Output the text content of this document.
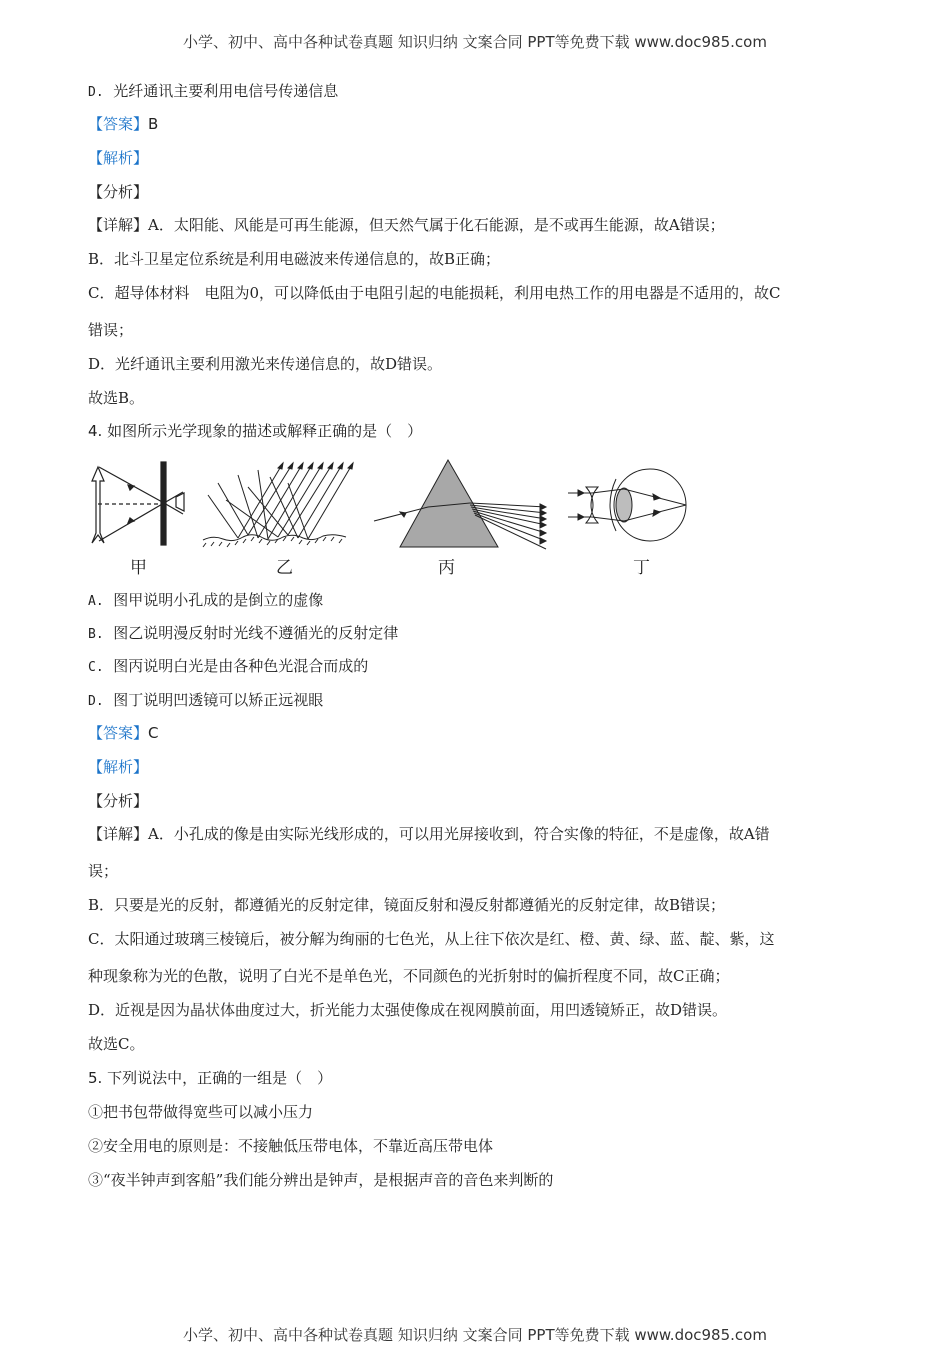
小学、初中、高中各种试卷真题 知识归纳 文案合同 PPT等免费下载 www.doc985.com
D. 光纤通讯主要利用电信号传递信息
【答案】B
【解析】
【分析】
【详解】A．太阳能、风能是可再生能源，但天然气属于化石能源，是不或再生能源，故A错误；
B．北斗卫星定位系统是利用电磁波来传递信息的，故B正确；
C．超导体材料　电阻为0，可以降低由于电阻引起的电能损耗，利用电热工作的用电器是不适用的，故C
错误；
D．光纤通讯主要利用激光来传递信息的，故D错误。
故选B。
4. 如图所示光学现象的描述或解释正确的是（　）
甲	乙	丙	丁
A. 图甲说明小孔成的是倒立的虚像
B. 图乙说明漫反射时光线不遵循光的反射定律
C. 图丙说明白光是由各种色光混合而成的
D. 图丁说明凹透镜可以矫正远视眼
【答案】C
【解析】
【分析】
【详解】A．小孔成的像是由实际光线形成的，可以用光屏接收到，符合实像的特征，不是虚像，故A错
误；
B．只要是光的反射，都遵循光的反射定律，镜面反射和漫反射都遵循光的反射定律，故B错误；
C．太阳通过玻璃三棱镜后，被分解为绚丽的七色光，从上往下依次是红、橙、黄、绿、蓝、靛、紫，这
种现象称为光的色散，说明了白光不是单色光，不同颜色的光折射时的偏折程度不同，故C正确；
D．近视是因为晶状体曲度过大，折光能力太强使像成在视网膜前面，用凹透镜矫正，故D错误。
故选C。
5. 下列说法中，正确的一组是（　）
①把书包带做得宽些可以减小压力
②安全用电的原则是：不接触低压带电体，不靠近高压带电体
③“夜半钟声到客船”我们能分辨出是钟声，是根据声音的音色来判断的
小学、初中、高中各种试卷真题 知识归纳 文案合同 PPT等免费下载 www.doc985.com
